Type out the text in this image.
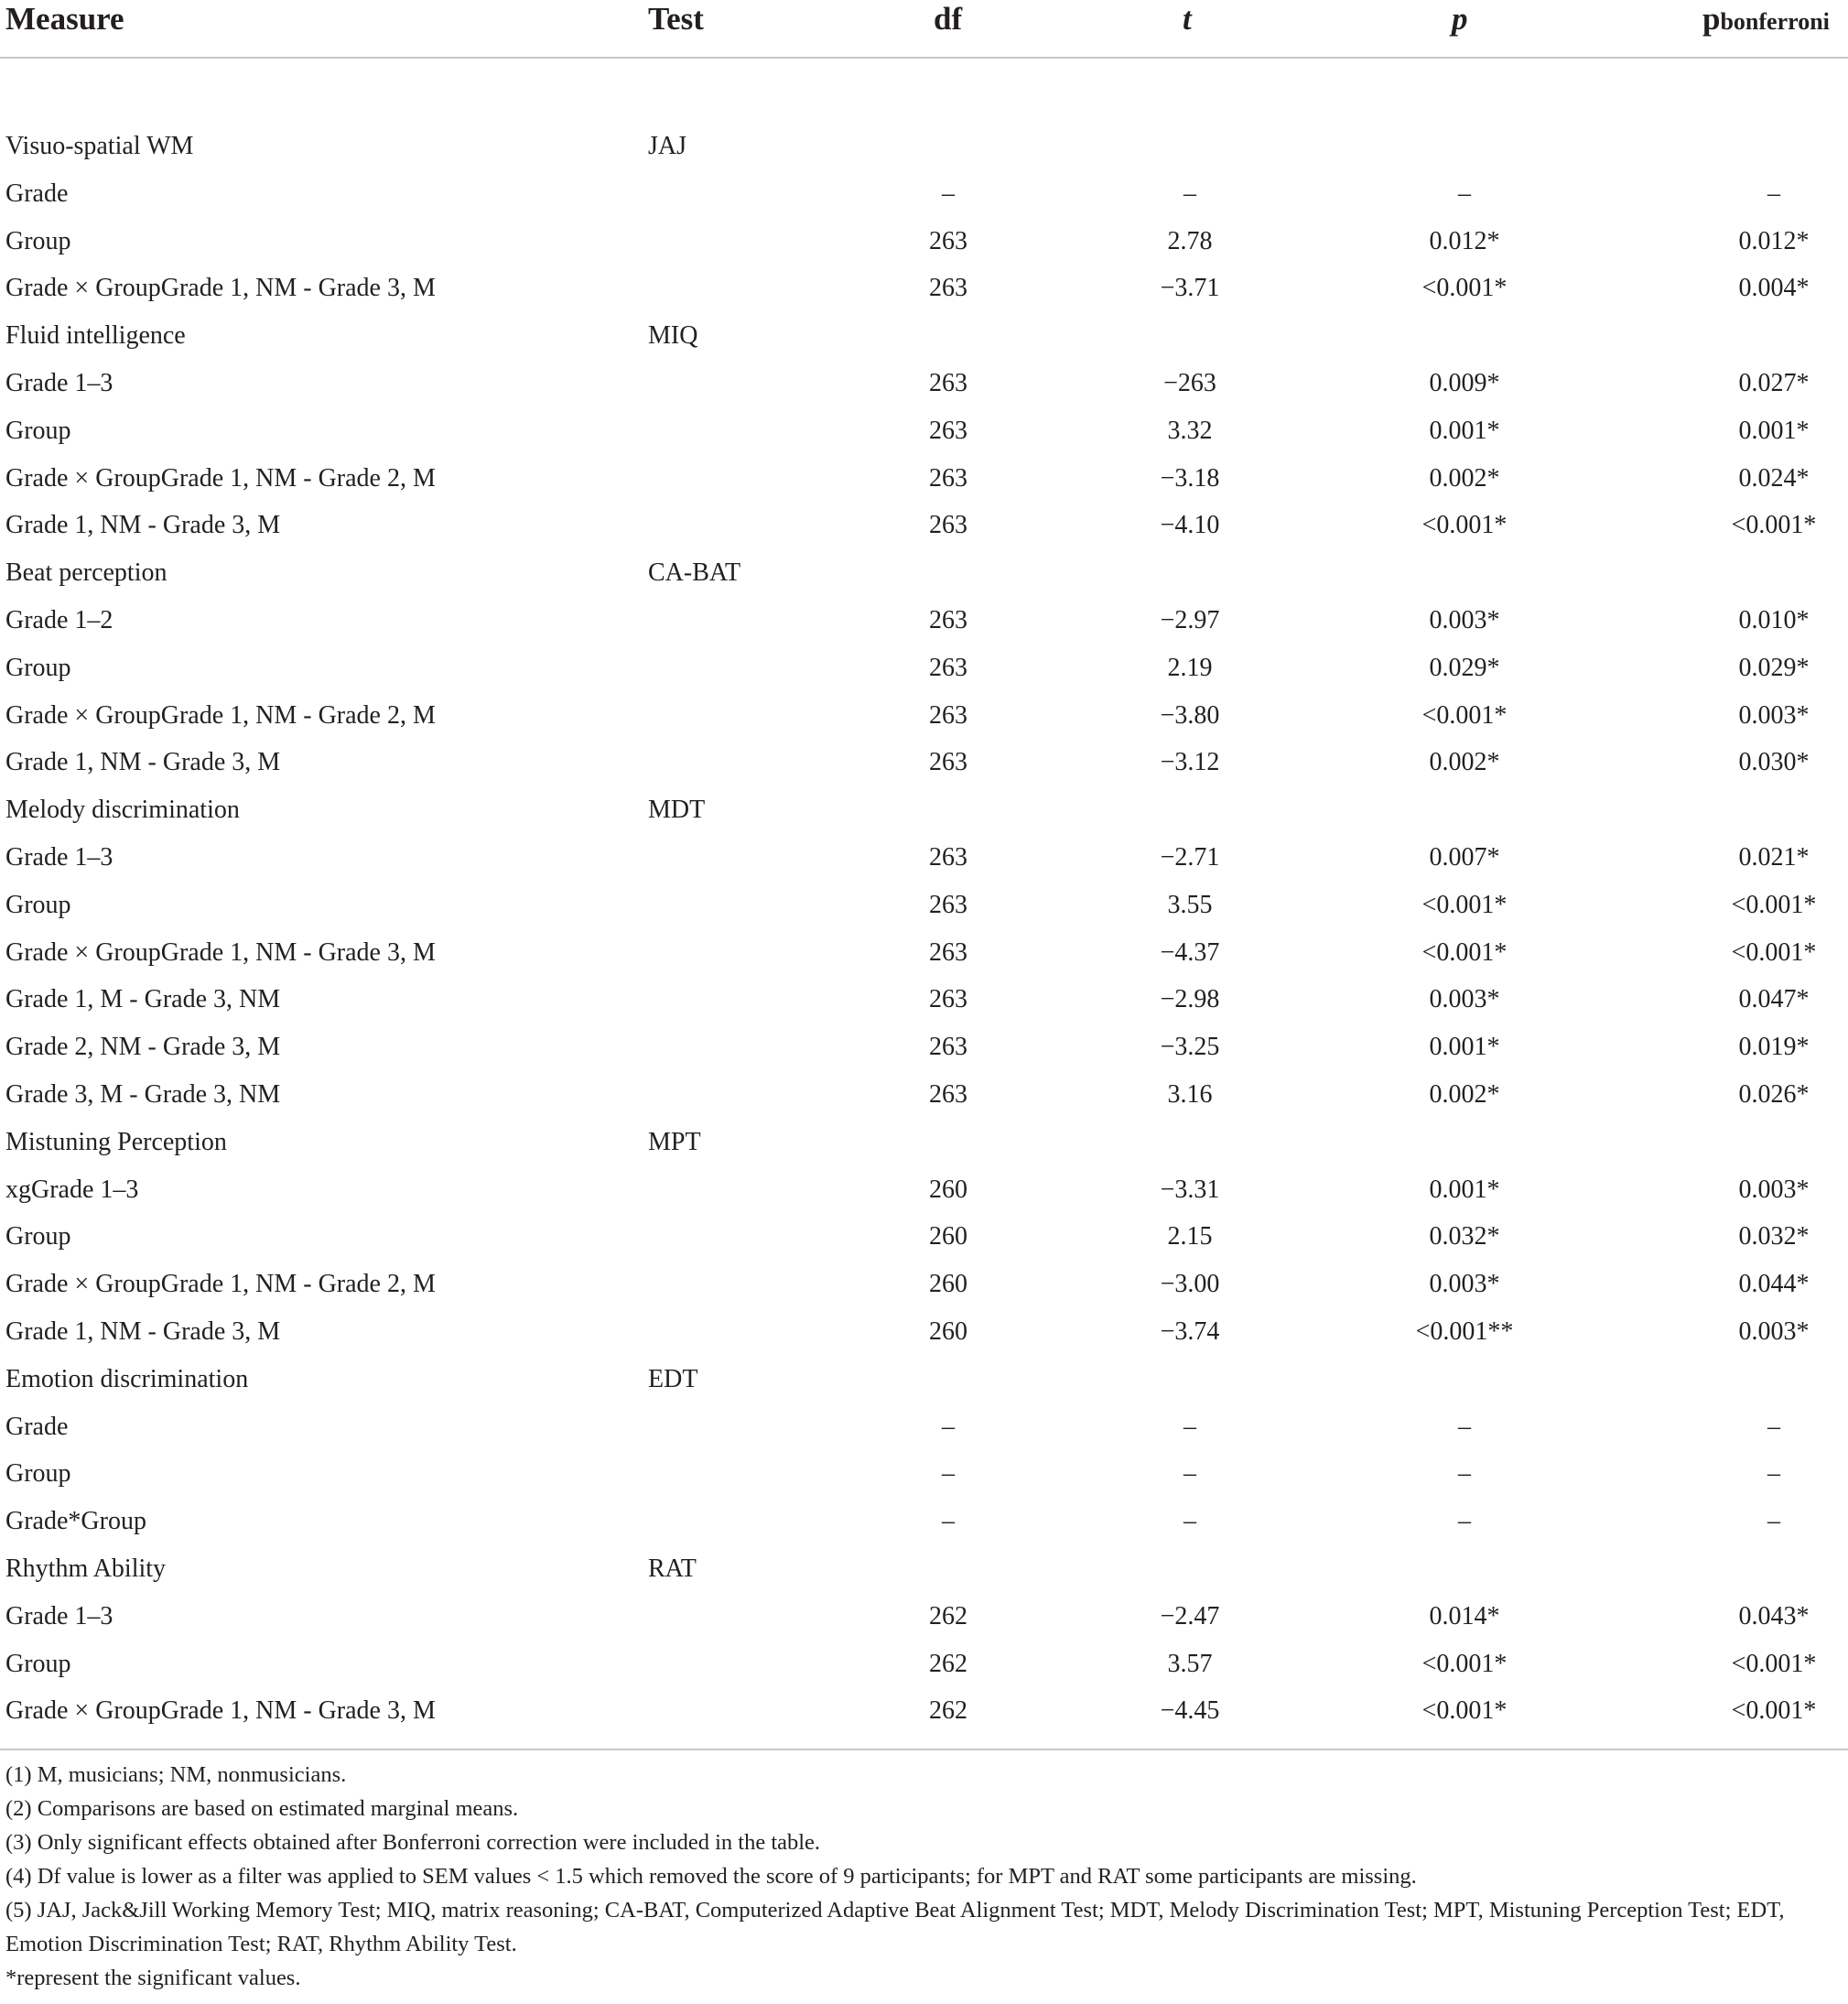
Measure	Test	df	t	p	pbonferroni
Visuo-spatial WM	JAJ
Grade	–	–	–	–
Group	263	2.78	0.012*	0.012*
Grade × GroupGrade 1, NM - Grade 3, M	263	−3.71	<0.001*	0.004*
Fluid intelligence	MIQ
Grade 1–3	263	−263	0.009*	0.027*
Group	263	3.32	0.001*	0.001*
Grade × GroupGrade 1, NM - Grade 2, M	263	−3.18	0.002*	0.024*
Grade 1, NM - Grade 3, M	263	−4.10	<0.001*	<0.001*
Beat perception	CA-BAT
Grade 1–2	263	−2.97	0.003*	0.010*
Group	263	2.19	0.029*	0.029*
Grade × GroupGrade 1, NM - Grade 2, M	263	−3.80	<0.001*	0.003*
Grade 1, NM - Grade 3, M	263	−3.12	0.002*	0.030*
Melody discrimination	MDT
Grade 1–3	263	−2.71	0.007*	0.021*
Group	263	3.55	<0.001*	<0.001*
Grade × GroupGrade 1, NM - Grade 3, M	263	−4.37	<0.001*	<0.001*
Grade 1, M - Grade 3, NM	263	−2.98	0.003*	0.047*
Grade 2, NM - Grade 3, M	263	−3.25	0.001*	0.019*
Grade 3, M - Grade 3, NM	263	3.16	0.002*	0.026*
Mistuning Perception	MPT
xgGrade 1–3	260	−3.31	0.001*	0.003*
Group	260	2.15	0.032*	0.032*
Grade × GroupGrade 1, NM - Grade 2, M	260	−3.00	0.003*	0.044*
Grade 1, NM - Grade 3, M	260	−3.74	<0.001**	0.003*
Emotion discrimination	EDT
Grade	–	–	–	–
Group	–	–	–	–
Grade*Group	–	–	–	–
Rhythm Ability	RAT
Grade 1–3	262	−2.47	0.014*	0.043*
Group	262	3.57	<0.001*	<0.001*
Grade × GroupGrade 1, NM - Grade 3, M	262	−4.45	<0.001*	<0.001*

(1) M, musicians; NM, nonmusicians.

(2) Comparisons are based on estimated marginal means.

(3) Only significant effects obtained after Bonferroni correction were included in the table.

(4) Df value is lower as a filter was applied to SEM values < 1.5 which removed the score of 9 participants; for MPT and RAT some participants are missing.

(5) JAJ, Jack&Jill Working Memory Test; MIQ, matrix reasoning; CA-BAT, Computerized Adaptive Beat Alignment Test; MDT, Melody Discrimination Test; MPT, Mistuning Perception Test; EDT, Emotion Discrimination Test; RAT, Rhythm Ability Test.

*represent the significant values.
